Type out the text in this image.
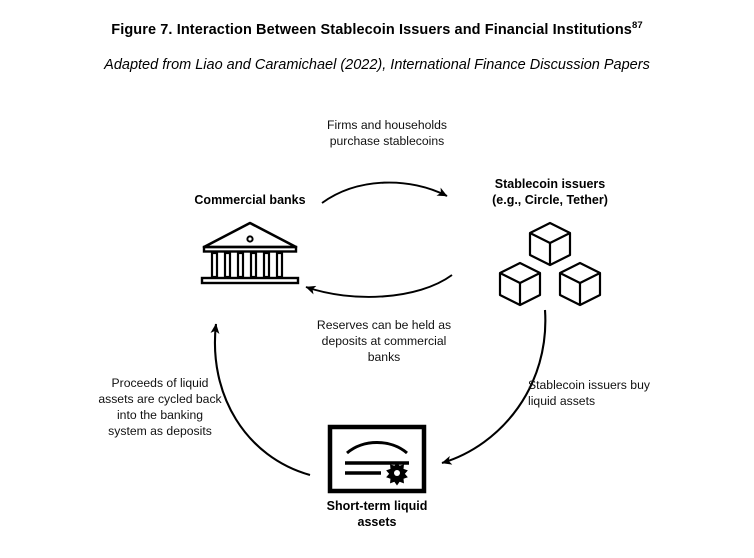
Figure 7. Interaction Between Stablecoin Issuers and Financial Institutions$^{87}$
Adapted from Liao and Caramichael (2022), International Finance Discussion Papers
Commercial banks
Stablecoin issuers
(e.g., Circle, Tether)
Short-term liquid
assets
Firms and households
purchase stablecoins
Reserves can be held as
deposits at commercial
banks
Stablecoin issuers buy
liquid assets
Proceeds of liquid
assets are cycled back
into the banking
system as deposits
